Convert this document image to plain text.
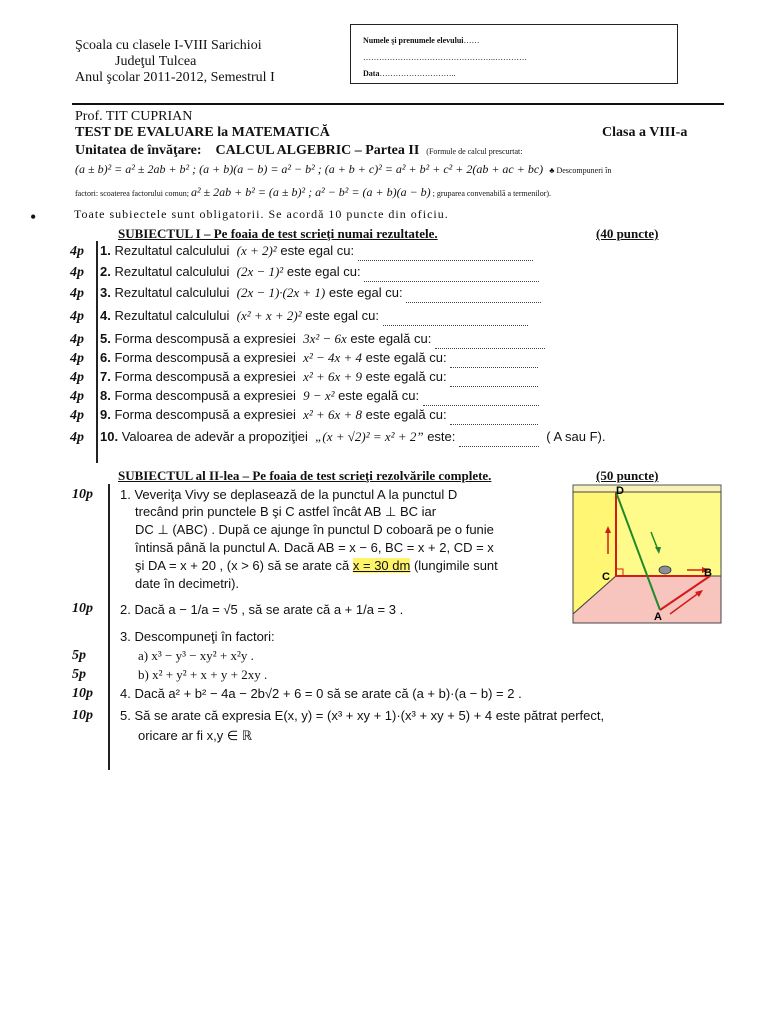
Şcoala cu clasele I-VIII Sarichioi
Judeţul Tulcea
Anul şcolar 2011-2012, Semestrul I
Numele şi prenumele elevului……
…………………………………………..…………
Data………………………..
Prof. TIT CUPRIAN
TEST DE EVALUARE la MATEMATICĂ	Clasa a VIII-a
Unitatea de învăţare: CALCUL ALGEBRIC – Partea II (Formule de calcul prescurtat:
(a ± b)² = a² ± 2ab + b² ; (a + b)(a − b) = a² − b² ; (a + b + c)² = a² + b² + c² + 2(ab + ac + bc) ♣ Descompuneri în
factori: scoaterea factorului comun; a² ± 2ab + b² = (a ± b)² ; a² − b² = (a + b)(a − b) ; gruparea convenabilă a termenilor).
•	Toate subiectele sunt obligatorii. Se acordă 10 puncte din oficiu.
SUBIECTUL I – Pe foaia de test scrieţi numai rezultatele.	(40 puncte)
4p 1. Rezultatul calculului (x + 2)² este egal cu:
4p 2. Rezultatul calculului (2x − 1)² este egal cu:
4p 3. Rezultatul calculului (2x − 1)·(2x + 1) este egal cu:
4p 4. Rezultatul calculului (x² + x + 2)² este egal cu:
4p 5. Forma descompusă a expresiei 3x² − 6x este egală cu:
4p 6. Forma descompusă a expresiei x² − 4x + 4 este egală cu:
4p 7. Forma descompusă a expresiei x² + 6x + 9 este egală cu:
4p 8. Forma descompusă a expresiei 9 − x² este egală cu:
4p 9. Forma descompusă a expresiei x² + 6x + 8 este egală cu:
4p 10. Valoarea de adevăr a propoziţiei „(x + √2)² = x² + 2” este:	( A sau F).
SUBIECTUL al II-lea – Pe foaia de test scrieţi rezolvările complete.	(50 puncte)
10p 1. Veveriţa Vivy se deplasează de la punctul A la punctul D
trecând prin punctele B şi C astfel încât AB ⊥ BC iar
DC ⊥ (ABC) . După ce ajunge în punctul D coboară pe o funie
întinsă până la punctul A. Dacă AB = x − 6, BC = x + 2, CD = x
şi DA = x + 20 , (x > 6) să se arate că x = 30 dm (lungimile sunt
date în decimetri).
10p 2. Dacă a − 1/a = √5 , să se arate că a + 1/a = 3 .
3. Descompuneţi în factori:
5p	a) x³ − y³ − xy² + x²y .
5p	b) x² + y² + x + y + 2xy .
10p 4. Dacă a² + b² − 4a − 2b√2 + 6 = 0 să se arate că (a + b)·(a − b) = 2 .
10p 5. Să se arate că expresia E(x, y) = (x³ + xy + 1)·(x³ + xy + 5) + 4 este pătrat perfect,
oricare ar fi x,y ∈ ℝ
D
C	B
A
